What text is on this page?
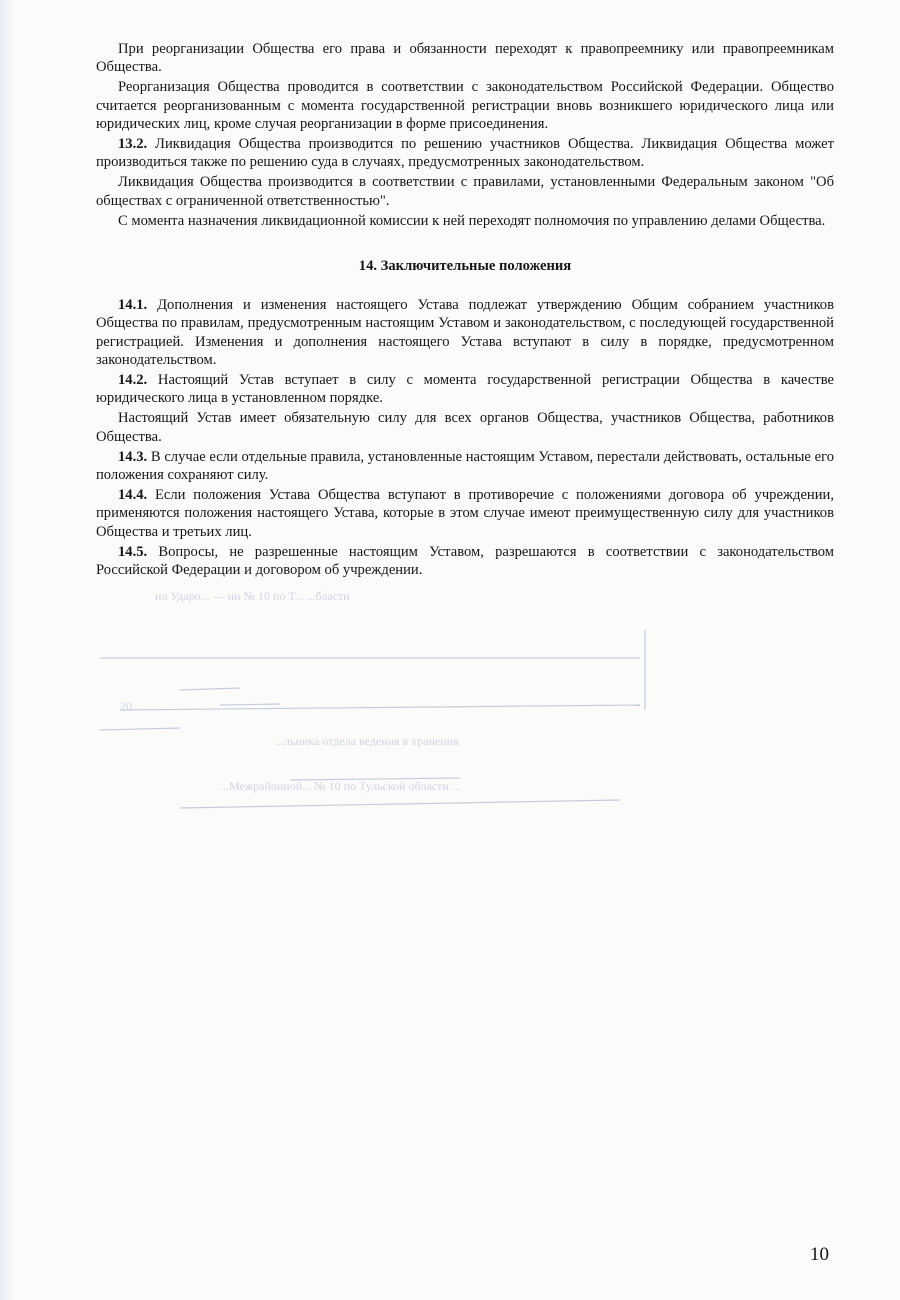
При реорганизации Общества его права и обязанности переходят к правопреемнику или правопреемникам Общества.

Реорганизация Общества проводится в соответствии с законодательством Российской Федерации. Общество считается реорганизованным с момента государственной регистрации вновь возникшего юридического лица или юридических лиц, кроме случая реорганизации в форме присоединения.

13.2. Ликвидация Общества производится по решению участников Общества. Ликвидация Общества может производиться также по решению суда в случаях, предусмотренных законодательством.

Ликвидация Общества производится в соответствии с правилами, установленными Федеральным законом "Об обществах с ограниченной ответственностью".

С момента назначения ликвидационной комиссии к ней переходят полномочия по управлению делами Общества.

14. Заключительные положения

14.1. Дополнения и изменения настоящего Устава подлежат утверждению Общим собранием участников Общества по правилам, предусмотренным настоящим Уставом и законодательством, с последующей государственной регистрацией. Изменения и дополнения настоящего Устава вступают в силу в порядке, предусмотренном законодательством.

14.2. Настоящий Устав вступает в силу с момента государственной регистрации Общества в качестве юридического лица в установленном порядке.

Настоящий Устав имеет обязательную силу для всех органов Общества, участников Общества, работников Общества.

14.3. В случае если отдельные правила, установленные настоящим Уставом, перестали действовать, остальные его положения сохраняют силу.

14.4. Если положения Устава Общества вступают в противоречие с положениями договора об учреждении, применяются положения настоящего Устава, которые в этом случае имеют преимущественную силу для участников Общества и третьих лиц.

14.5. Вопросы, не разрешенные настоящим Уставом, разрешаются в соответствии с законодательством Российской Федерации и договором об учреждении.

ил Ударо... — ин № 10 по Т... ...бласти
20
...льника отдела ведения в хранения
...Межрайонной... № 10 по Тульской области ...
10
